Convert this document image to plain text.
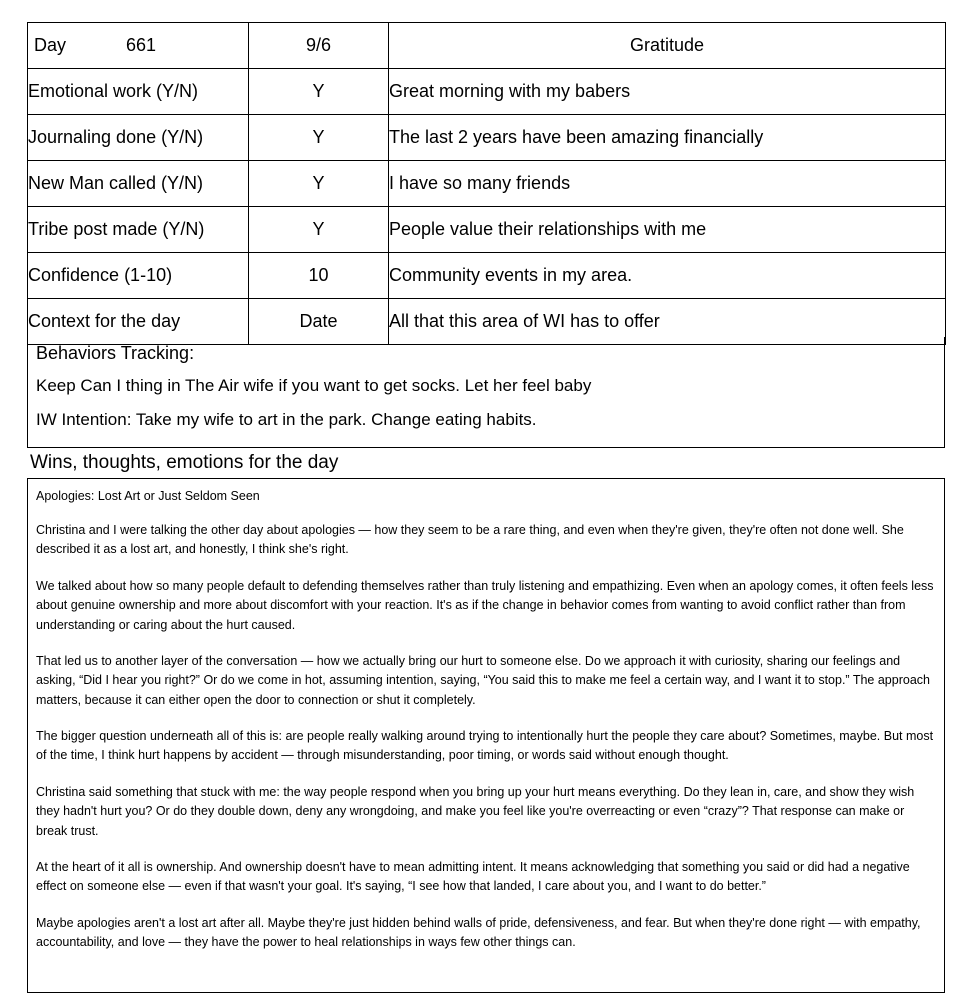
Day 661	9/6	Gratitude
Emotional work (Y/N)	Y	Great morning with my babers
Journaling done (Y/N)	Y	The last 2 years have been amazing financially
New Man called (Y/N)	Y	I have so many friends
Tribe post made (Y/N)	Y	People value their relationships with me
Confidence (1-10)	10	Community events in my area.
Context for the day	Date	All that this area of WI has to offer
Behaviors Tracking:
Keep Can I thing in The Air wife if you want to get socks. Let her feel baby
IW Intention: Take my wife to art in the park. Change eating habits.
Wins, thoughts, emotions for the day
Apologies: Lost Art or Just Seldom Seen

Christina and I were talking the other day about apologies — how they seem to be a rare thing, and even when they're given, they're often not done well. She described it as a lost art, and honestly, I think she's right.

We talked about how so many people default to defending themselves rather than truly listening and empathizing. Even when an apology comes, it often feels less about genuine ownership and more about discomfort with your reaction. It's as if the change in behavior comes from wanting to avoid conflict rather than from understanding or caring about the hurt caused.

That led us to another layer of the conversation — how we actually bring our hurt to someone else. Do we approach it with curiosity, sharing our feelings and asking, “Did I hear you right?” Or do we come in hot, assuming intention, saying, “You said this to make me feel a certain way, and I want it to stop.” The approach matters, because it can either open the door to connection or shut it completely.

The bigger question underneath all of this is: are people really walking around trying to intentionally hurt the people they care about? Sometimes, maybe. But most of the time, I think hurt happens by accident — through misunderstanding, poor timing, or words said without enough thought.

Christina said something that stuck with me: the way people respond when you bring up your hurt means everything. Do they lean in, care, and show they wish they hadn't hurt you? Or do they double down, deny any wrongdoing, and make you feel like you're overreacting or even “crazy”? That response can make or break trust.

At the heart of it all is ownership. And ownership doesn't have to mean admitting intent. It means acknowledging that something you said or did had a negative effect on someone else — even if that wasn't your goal. It's saying, “I see how that landed, I care about you, and I want to do better.”

Maybe apologies aren't a lost art after all. Maybe they're just hidden behind walls of pride, defensiveness, and fear. But when they're done right — with empathy, accountability, and love — they have the power to heal relationships in ways few other things can.
